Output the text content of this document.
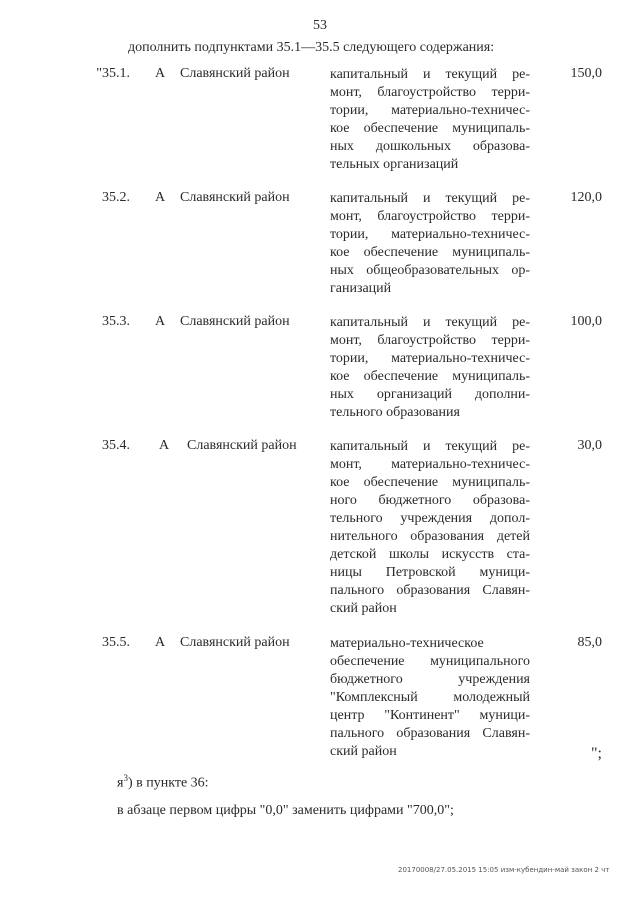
53
дополнить подпунктами 35.1—35.5 следующего содержания:
"35.1. А Славянский район	капитальный и текущий ре-
монт, благоустройство терри-
тории, материально-техничес-
кое обеспечение муниципаль-
ных дошкольных образова-
тельных организаций
150,0
35.2. А Славянский район	капитальный и текущий ре-
монт, благоустройство терри-
тории, материально-техничес-
кое обеспечение муниципаль-
ных общеобразовательных ор-
ганизаций
120,0
35.3. А Славянский район	капитальный и текущий ре-
монт, благоустройство терри-
тории, материально-техничес-
кое обеспечение муниципаль-
ных организаций дополни-
тельного образования
100,0
35.4. А Славянский район капитальный и текущий ре-
монт, материально-техничес-
кое обеспечение муниципаль-
ного бюджетного образова-
тельного учреждения допол-
нительного образования детей
детской школы искусств ста-
ницы Петровской муници-
пального образования Славян-
ский район
30,0
35.5. А Славянский район	материально-техническое
обеспечение муниципального
бюджетного учреждения
"Комплексный молодежный
центр "Континент" муници-
пального образования Славян-
ский район
85,0
";
$я^3$) в пункте 36:
в абзаце первом цифры "0,0" заменить цифрами "700,0";
20170008/27.05.2015 15:05 изм-кубендин-май закон 2 чт
